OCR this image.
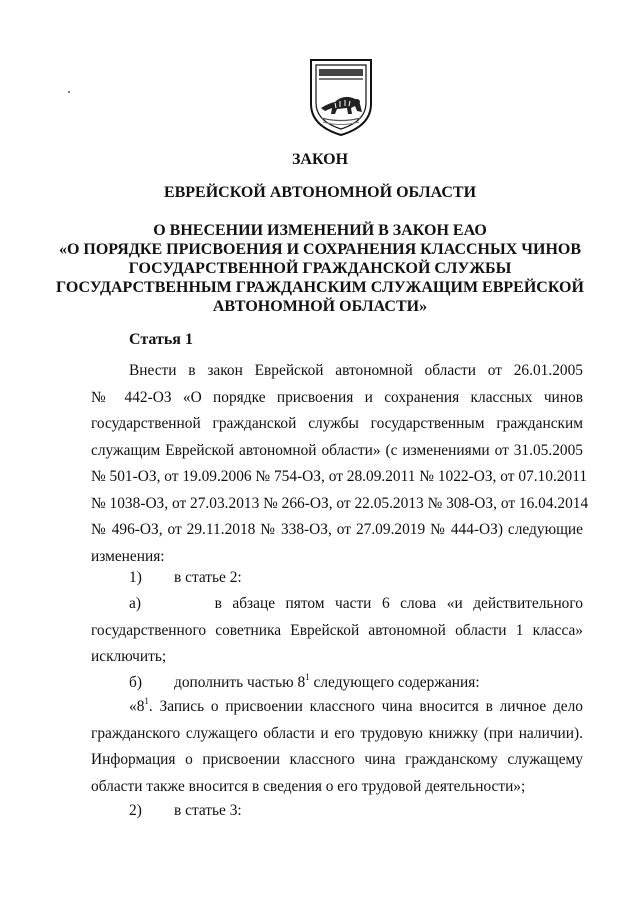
ЗАКОН
ЕВРЕЙСКОЙ АВТОНОМНОЙ ОБЛАСТИ
О ВНЕСЕНИИ ИЗМЕНЕНИЙ В ЗАКОН ЕАО
«О ПОРЯДКЕ ПРИСВОЕНИЯ И СОХРАНЕНИЯ КЛАССНЫХ ЧИНОВ
ГОСУДАРСТВЕННОЙ ГРАЖДАНСКОЙ СЛУЖБЫ
ГОСУДАРСТВЕННЫМ ГРАЖДАНСКИМ СЛУЖАЩИМ ЕВРЕЙСКОЙ
АВТОНОМНОЙ ОБЛАСТИ»
Статья 1
Внести в закон Еврейской автономной области от 26.01.2005
№ 442-ОЗ «О порядке присвоения и сохранения классных чинов
государственной гражданской службы государственным гражданским
служащим Еврейской автономной области» (с изменениями от 31.05.2005
№ 501-ОЗ, от 19.09.2006 № 754-ОЗ, от 28.09.2011 № 1022-ОЗ, от 07.10.2011
№ 1038-ОЗ, от 27.03.2013 № 266-ОЗ, от 22.05.2013 № 308-ОЗ, от 16.04.2014
№ 496-ОЗ, от 29.11.2018 № 338-ОЗ, от 27.09.2019 № 444-ОЗ) следующие
изменения:
1) в статье 2:
а)	в абзаце пятом части 6 слова «и действительного
государственного советника Еврейской автономной области 1 класса»
исключить;
б) дополнить частью $8^1$ следующего содержания:
«$8^1$. Запись о присвоении классного чина вносится в личное дело
гражданского служащего области и его трудовую книжку (при наличии).
Информация о присвоении классного чина гражданскому служащему
области также вносится в сведения о его трудовой деятельности»;
2) в статье 3:
